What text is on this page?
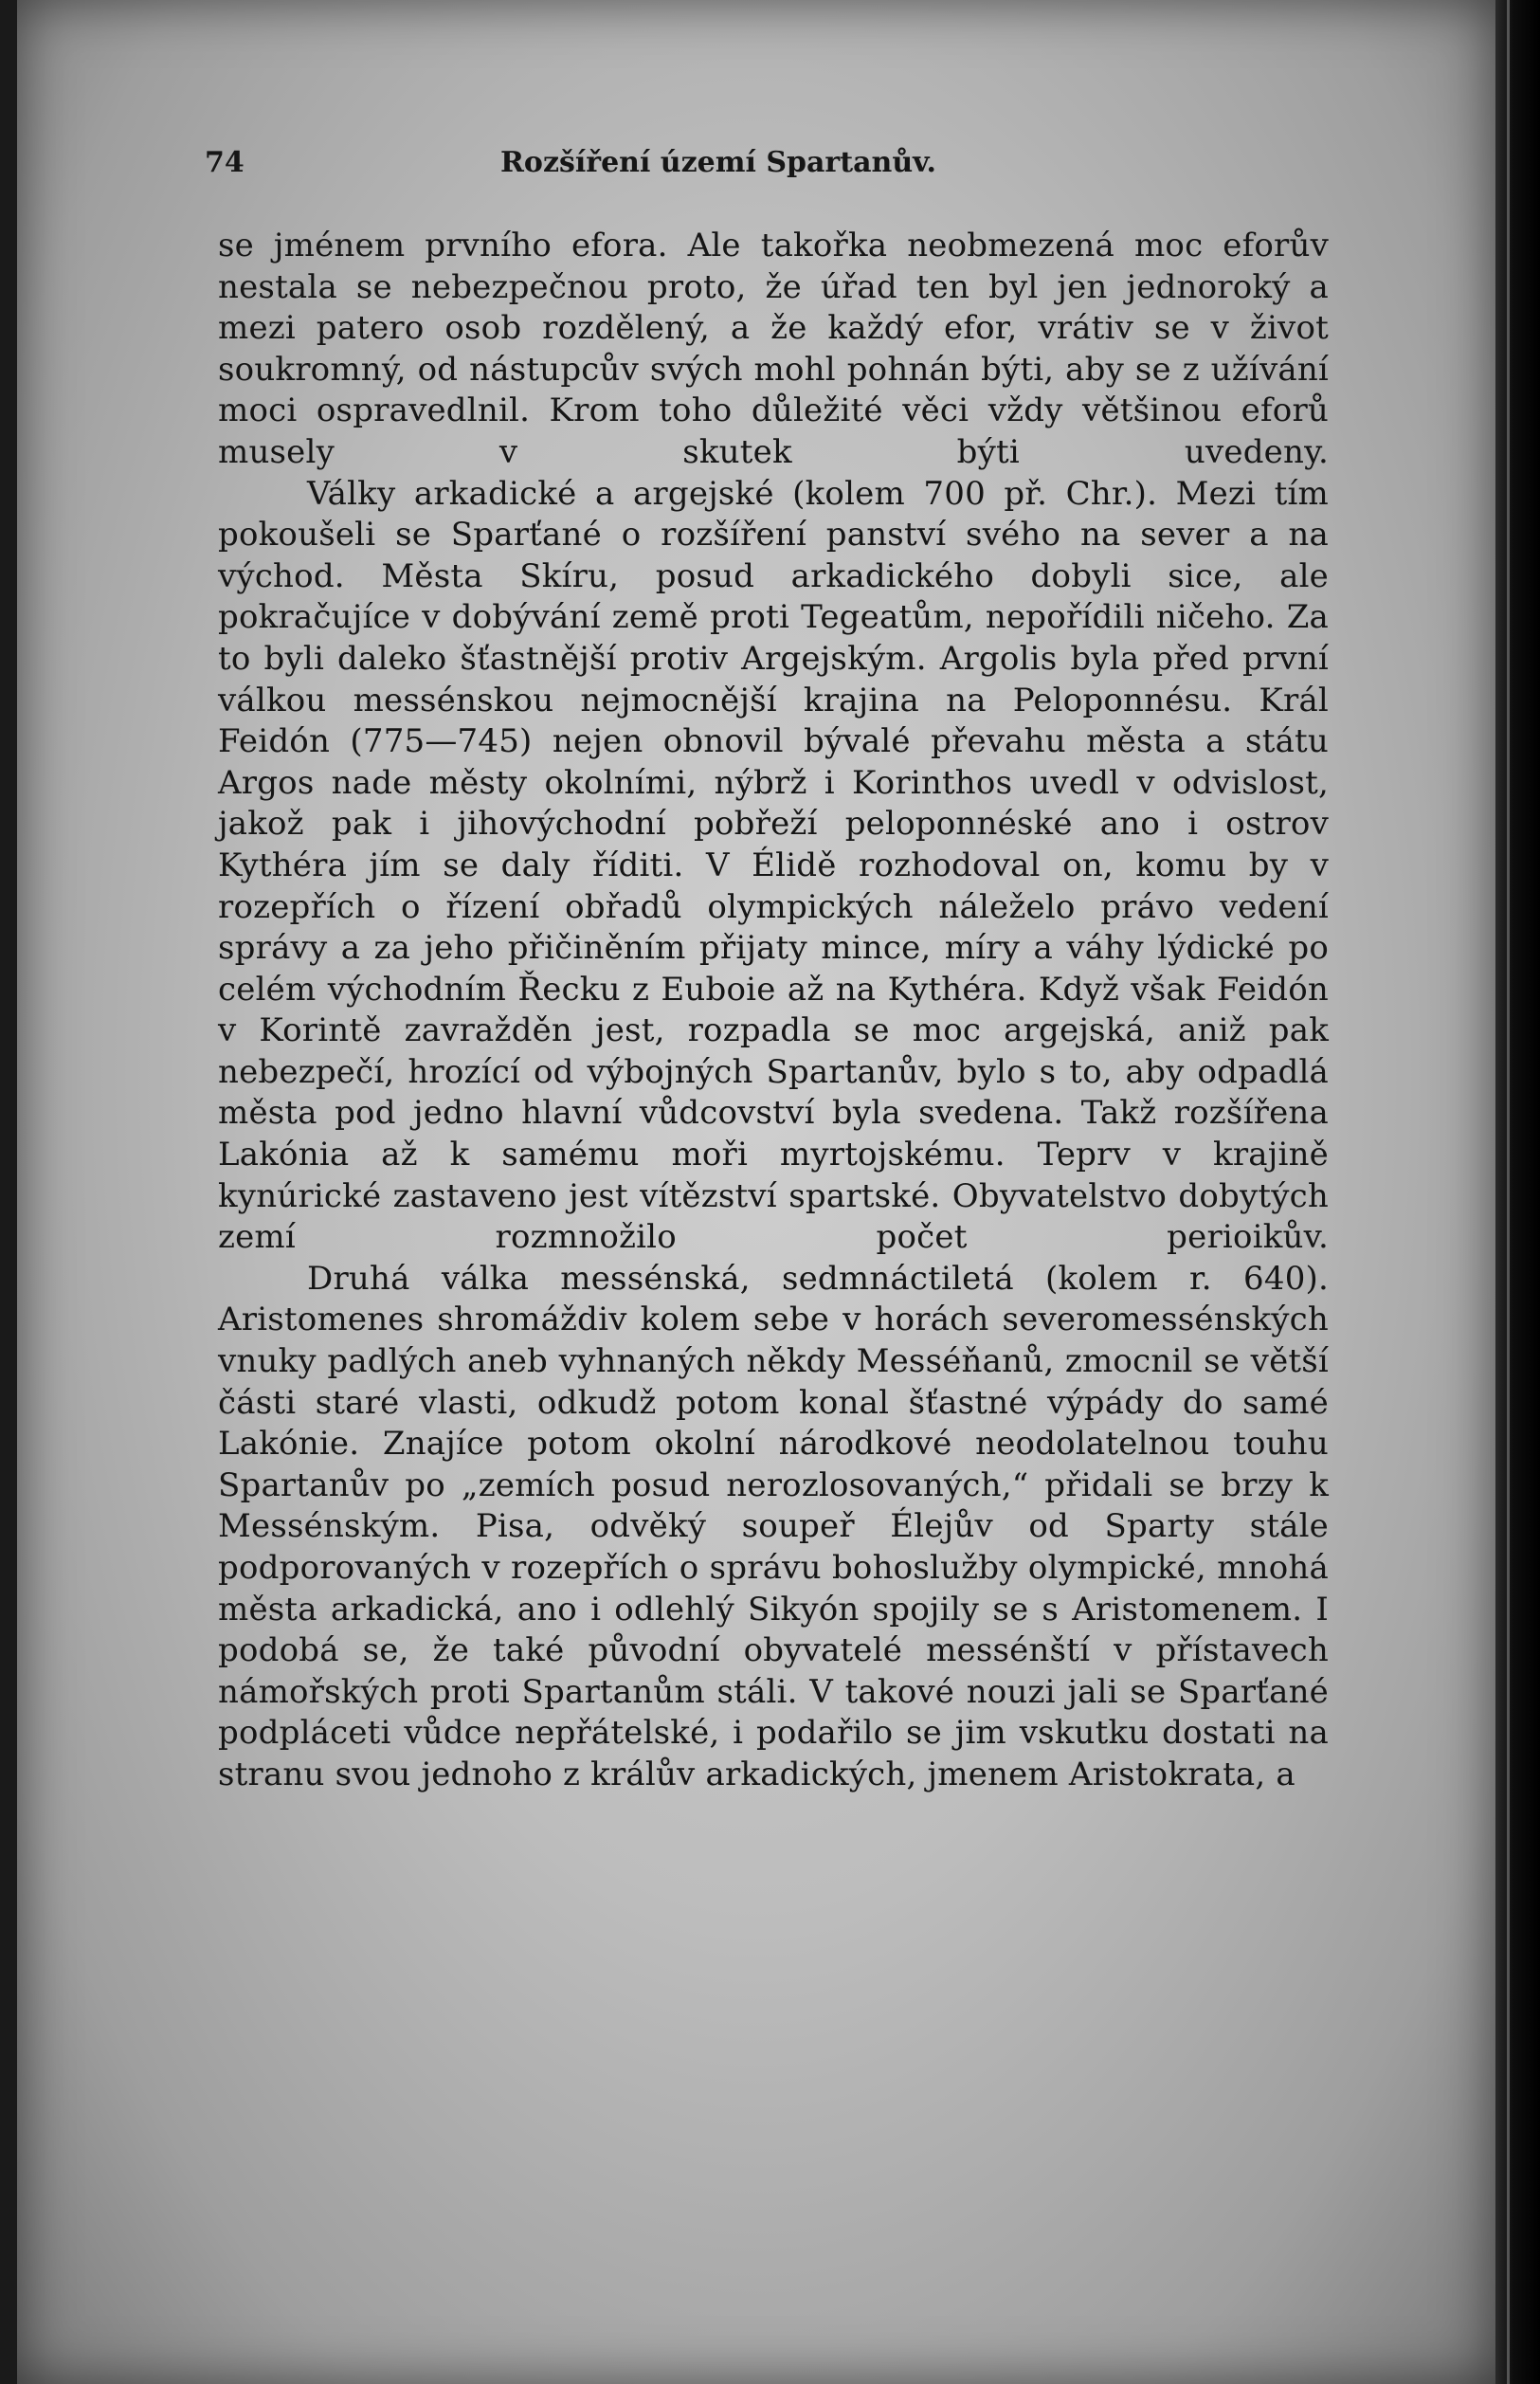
74	Rozšíření území Spartanův.

se jménem prvního efora. Ale takořka neobmezená moc eforův nestala se nebezpečnou proto, že úřad ten byl jen jednoroký a mezi patero osob rozdělený, a že každý efor, vrátiv se v život soukromný, od nástupcův svých mohl pohnán býti, aby se z užívání moci ospravedlnil. Krom toho důležité věci vždy většinou eforů musely v skutek býti uvedeny.

Války arkadické a argejské (kolem 700 př. Chr.). Mezi tím pokoušeli se Sparťané o rozšíření panství svého na sever a na východ. Města Skíru, posud arkadického dobyli sice, ale pokračujíce v dobývání země proti Tegeatům, nepořídili ničeho. Za to byli daleko šťastnější protiv Argejským. Argolis byla před první válkou messénskou nejmocnější krajina na Peloponnésu. Král Feidón (775—745) nejen obnovil bývalé převahu města a státu Argos nade městy okolními, nýbrž i Korinthos uvedl v odvislost, jakož pak i jihovýchodní pobřeží peloponnéské ano i ostrov Kythéra jím se daly říditi. V Élidě rozhodoval on, komu by v rozepřích o řízení obřadů olympických náleželo právo vedení správy a za jeho přičiněním přijaty mince, míry a váhy lýdické po celém východním Řecku z Euboie až na Kythéra. Když však Feidón v Korintě zavražděn jest, rozpadla se moc argejská, aniž pak nebezpečí, hrozící od výbojných Spartanův, bylo s to, aby odpadlá města pod jedno hlavní vůdcovství byla svedena. Takž rozšířena Lakónia až k samému moři myrtojskému. Teprv v krajině kynúrické zastaveno jest vítězství spartské. Obyvatelstvo dobytých zemí rozmnožilo počet perioikův.

Druhá válka messénská, sedmnáctiletá (kolem r. 640). Aristomenes shromáždiv kolem sebe v horách severomessénských vnuky padlých aneb vyhnaných někdy Messéňanů, zmocnil se větší části staré vlasti, odkudž potom konal šťastné výpády do samé Lakónie. Znajíce potom okolní národkové neodolatelnou touhu Spartanův po „zemích posud nerozlosovaných,“ přidali se brzy k Messénským. Pisa, odvěký soupeř Élejův od Sparty stále podporovaných v rozepřích o správu bohoslužby olympické, mnohá města arkadická, ano i odlehlý Sikyón spojily se s Aristomenem. I podobá se, že také původní obyvatelé messénští v přístavech námořských proti Spartanům stáli. V takové nouzi jali se Sparťané podpláceti vůdce nepřátelské, i podařilo se jim vskutku dostati na stranu svou jednoho z králův arkadických, jmenem Aristokrata, a
